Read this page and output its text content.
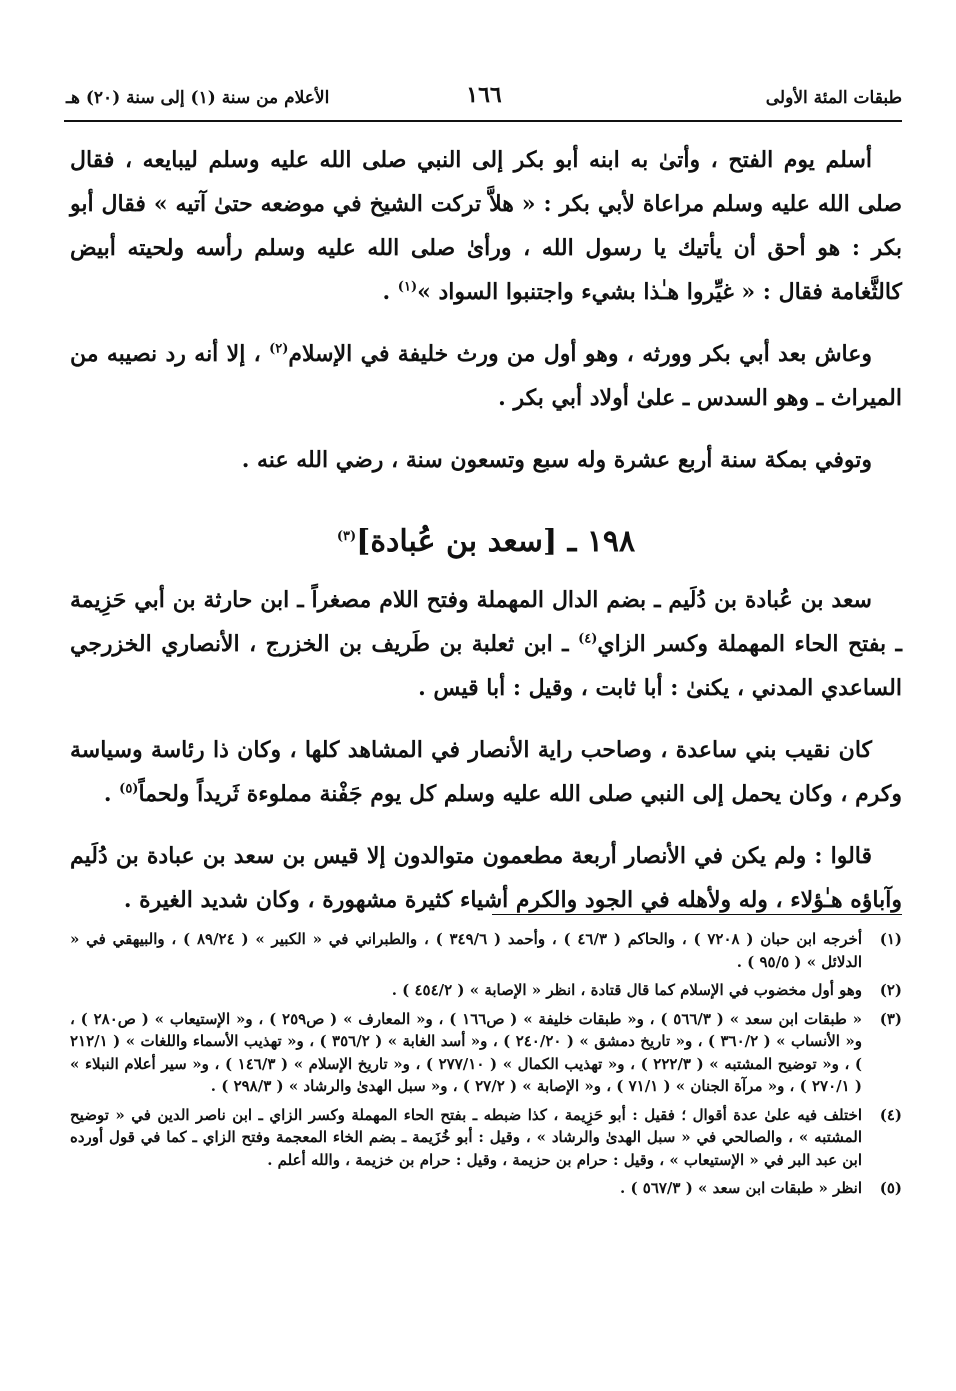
طبقات المئة الأولى
١٦٦
الأعلام من سنة (١) إلى سنة (٢٠) هـ

أسلم يوم الفتح ، وأتىٰ به ابنه أبو بكر إلى النبي صلى الله عليه وسلم ليبايعه ، فقال صلى الله عليه وسلم مراعاة لأبي بكر : « هلاَّ تركت الشيخ في موضعه حتىٰ آتيه » فقال أبو بكر : هو أحق أن يأتيك يا رسول الله ، ورأىٰ صلى الله عليه وسلم رأسه ولحيته أبيض كالثَّغامة فقال : « غيِّروا هـٰذا بشيء واجتنبوا السواد »$^{(١)}$ .

وعاش بعد أبي بكر وورثه ، وهو أول من ورث خليفة في الإسلام$^{(٢)}$ ، إلا أنه رد نصيبه من الميراث ـ وهو السدس ـ علىٰ أولاد أبي بكر .

وتوفي بمكة سنة أربع عشرة وله سبع وتسعون سنة ، رضي الله عنه .

١٩٨ ـ [سعد بن عُبادة]$^{(٣)}$

سعد بن عُبادة بن دُلَيم ـ بضم الدال المهملة وفتح اللام مصغراً ـ ابن حارثة بن أبي حَزِيمة ـ بفتح الحاء المهملة وكسر الزاي$^{(٤)}$ ـ ابن ثعلبة بن طَريف بن الخزرج ، الأنصاري الخزرجي الساعدي المدني ، يكنىٰ : أبا ثابت ، وقيل : أبا قيس .

كان نقيب بني ساعدة ، وصاحب راية الأنصار في المشاهد كلها ، وكان ذا رئاسة وسياسة وكرم ، وكان يحمل إلى النبي صلى الله عليه وسلم كل يوم جَفْنة مملوءة ثَريداً ولحماً$^{(٥)}$ .

قالوا : ولم يكن في الأنصار أربعة مطعمون متوالدون إلا قيس بن سعد بن عبادة بن دُلَيم وآباؤه هـٰؤلاء ، وله ولأهله في الجود والكرم أشياء كثيرة مشهورة ، وكان شديد الغيرة .

(١)
أخرجه ابن حبان ( ٧٢٠٨ ) ، والحاكم ( ٤٦/٣ ) ، وأحمد ( ٣٤٩/٦ ) ، والطبراني في « الكبير » ( ٨٩/٢٤ ) ، والبيهقي في « الدلائل » ( ٩٥/٥ ) .
(٢)
وهو أول مخضوب في الإسلام كما قال قتادة ، انظر « الإصابة » ( ٤٥٤/٢ ) .
(٣)
« طبقات ابن سعد » ( ٥٦٦/٣ ) ، و« طبقات خليفة » ( ص١٦٦ ) ، و« المعارف » ( ص٢٥٩ ) ، و« الإستيعاب » ( ص٢٨٠ ) ، و« الأنساب » ( ٣٦٠/٢ ) ، و« تاريخ دمشق » ( ٢٤٠/٢٠ ) ، و« أسد الغابة » ( ٣٥٦/٢ ) ، و« تهذيب الأسماء واللغات » ( ٢١٢/١ ) ، و« توضيح المشتبه » ( ٢٢٢/٣ ) ، و« تهذيب الكمال » ( ٢٧٧/١٠ ) ، و« تاريخ الإسلام » ( ١٤٦/٣ ) ، و« سير أعلام النبلاء » ( ٢٧٠/١ ) ، و« مرآة الجنان » ( ٧١/١ ) ، و« الإصابة » ( ٢٧/٢ ) ، و« سبل الهدىٰ والرشاد » ( ٢٩٨/٣ ) .
(٤)
اختلف فيه علىٰ عدة أقوال ؛ فقيل : أبو حَزِيمة ، كذا ضبطه ـ بفتح الحاء المهملة وكسر الزاي ـ ابن ناصر الدين في « توضيح المشتبه » ، والصالحي في « سبل الهدىٰ والرشاد » ، وقيل : أبو خُزَيمة ـ بضم الخاء المعجمة وفتح الزاي ـ كما في قول أورده ابن عبد البر في « الإستيعاب » ، وقيل : حرام بن حزيمة ، وقيل : حرام بن خزيمة ، والله أعلم .
(٥)
انظر « طبقات ابن سعد » ( ٥٦٧/٣ ) .
